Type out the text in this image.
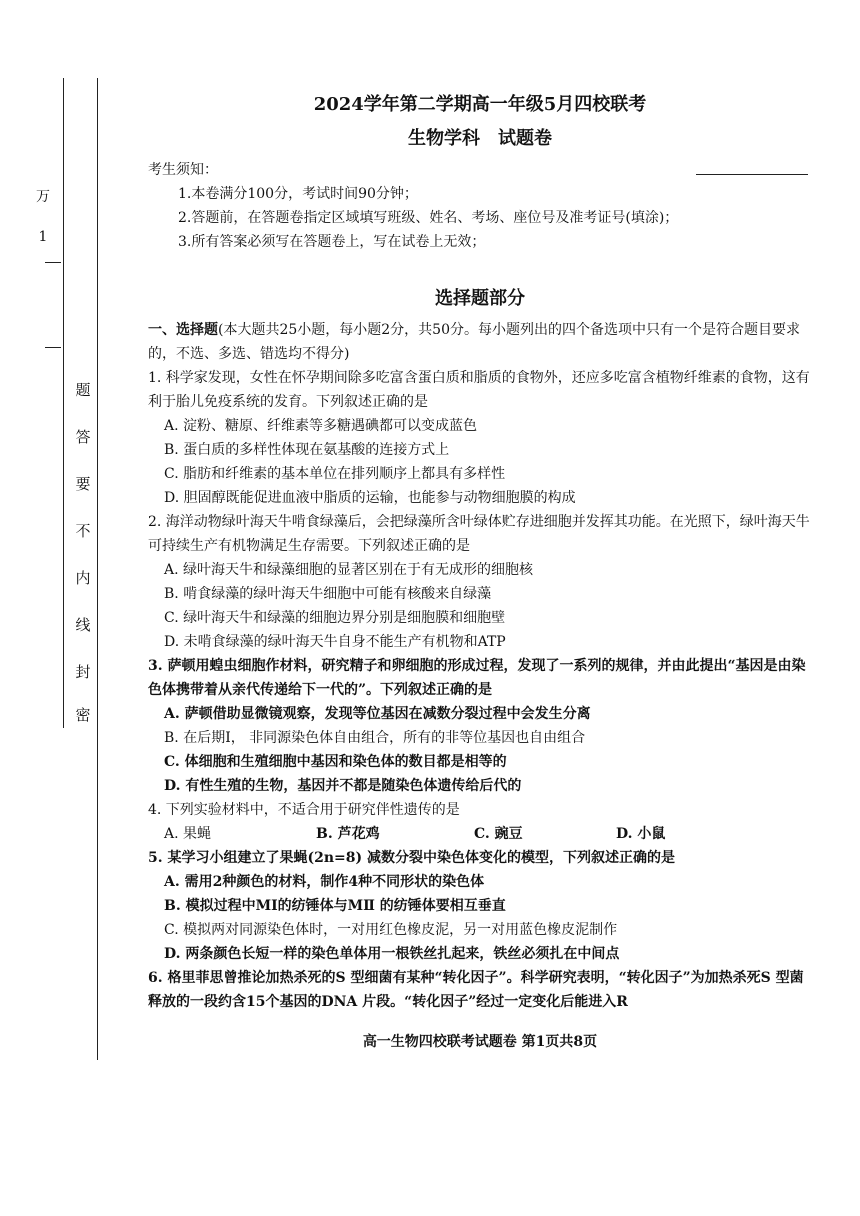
万
1
题
答
要
不
内
线
封
密
2024学年第二学期高一年级5月四校联考
生物学科　试题卷
考生须知：
1.本卷满分100分，考试时间90分钟；
2.答题前，在答题卷指定区域填写班级、姓名、考场、座位号及准考证号(填涂)；
3.所有答案必须写在答题卷上，写在试卷上无效；
选择题部分

一、选择题(本大题共25小题，每小题2分，共50分。每小题列出的四个备选项中只有一个是符合题目要求的，不选、多选、错选均不得分)

1. 科学家发现，女性在怀孕期间除多吃富含蛋白质和脂质的食物外，还应多吃富含植物纤维素的食物，这有利于胎儿免疫系统的发育。下列叙述正确的是

A. 淀粉、糖原、纤维素等多糖遇碘都可以变成蓝色

B. 蛋白质的多样性体现在氨基酸的连接方式上

C. 脂肪和纤维素的基本单位在排列顺序上都具有多样性

D. 胆固醇既能促进血液中脂质的运输，也能参与动物细胞膜的构成

2. 海洋动物绿叶海天牛啃食绿藻后，会把绿藻所含叶绿体贮存进细胞并发挥其功能。在光照下，绿叶海天牛可持续生产有机物满足生存需要。下列叙述正确的是

A. 绿叶海天牛和绿藻细胞的显著区别在于有无成形的细胞核

B. 啃食绿藻的绿叶海天牛细胞中可能有核酸来自绿藻

C. 绿叶海天牛和绿藻的细胞边界分别是细胞膜和细胞壁

D. 未啃食绿藻的绿叶海天牛自身不能生产有机物和ATP

3. 萨顿用蝗虫细胞作材料，研究精子和卵细胞的形成过程，发现了一系列的规律，并由此提出“基因是由染色体携带着从亲代传递给下一代的”。下列叙述正确的是

A. 萨顿借助显微镜观察，发现等位基因在减数分裂过程中会发生分离

B. 在后期I， 非同源染色体自由组合，所有的非等位基因也自由组合

C. 体细胞和生殖细胞中基因和染色体的数目都是相等的

D. 有性生殖的生物，基因并不都是随染色体遗传给后代的

4. 下列实验材料中，不适合用于研究伴性遗传的是

A. 果蝇	B. 芦花鸡	C. 豌豆	D. 小鼠

5. 某学习小组建立了果蝇(2n=8) 减数分裂中染色体变化的模型，下列叙述正确的是

A. 需用2种颜色的材料，制作4种不同形状的染色体

B. 模拟过程中MI的纺锤体与MⅡ 的纺锤体要相互垂直

C. 模拟两对同源染色体时，一对用红色橡皮泥，另一对用蓝色橡皮泥制作

D. 两条颜色长短一样的染色单体用一根铁丝扎起来，铁丝必须扎在中间点

6. 格里菲思曾推论加热杀死的S 型细菌有某种“转化因子”。科学研究表明，“转化因子”为加热杀死S 型菌释放的一段约含15个基因的DNA 片段。“转化因子”经过一定变化后能进入R

高一生物四校联考试题卷 第1页共8页
